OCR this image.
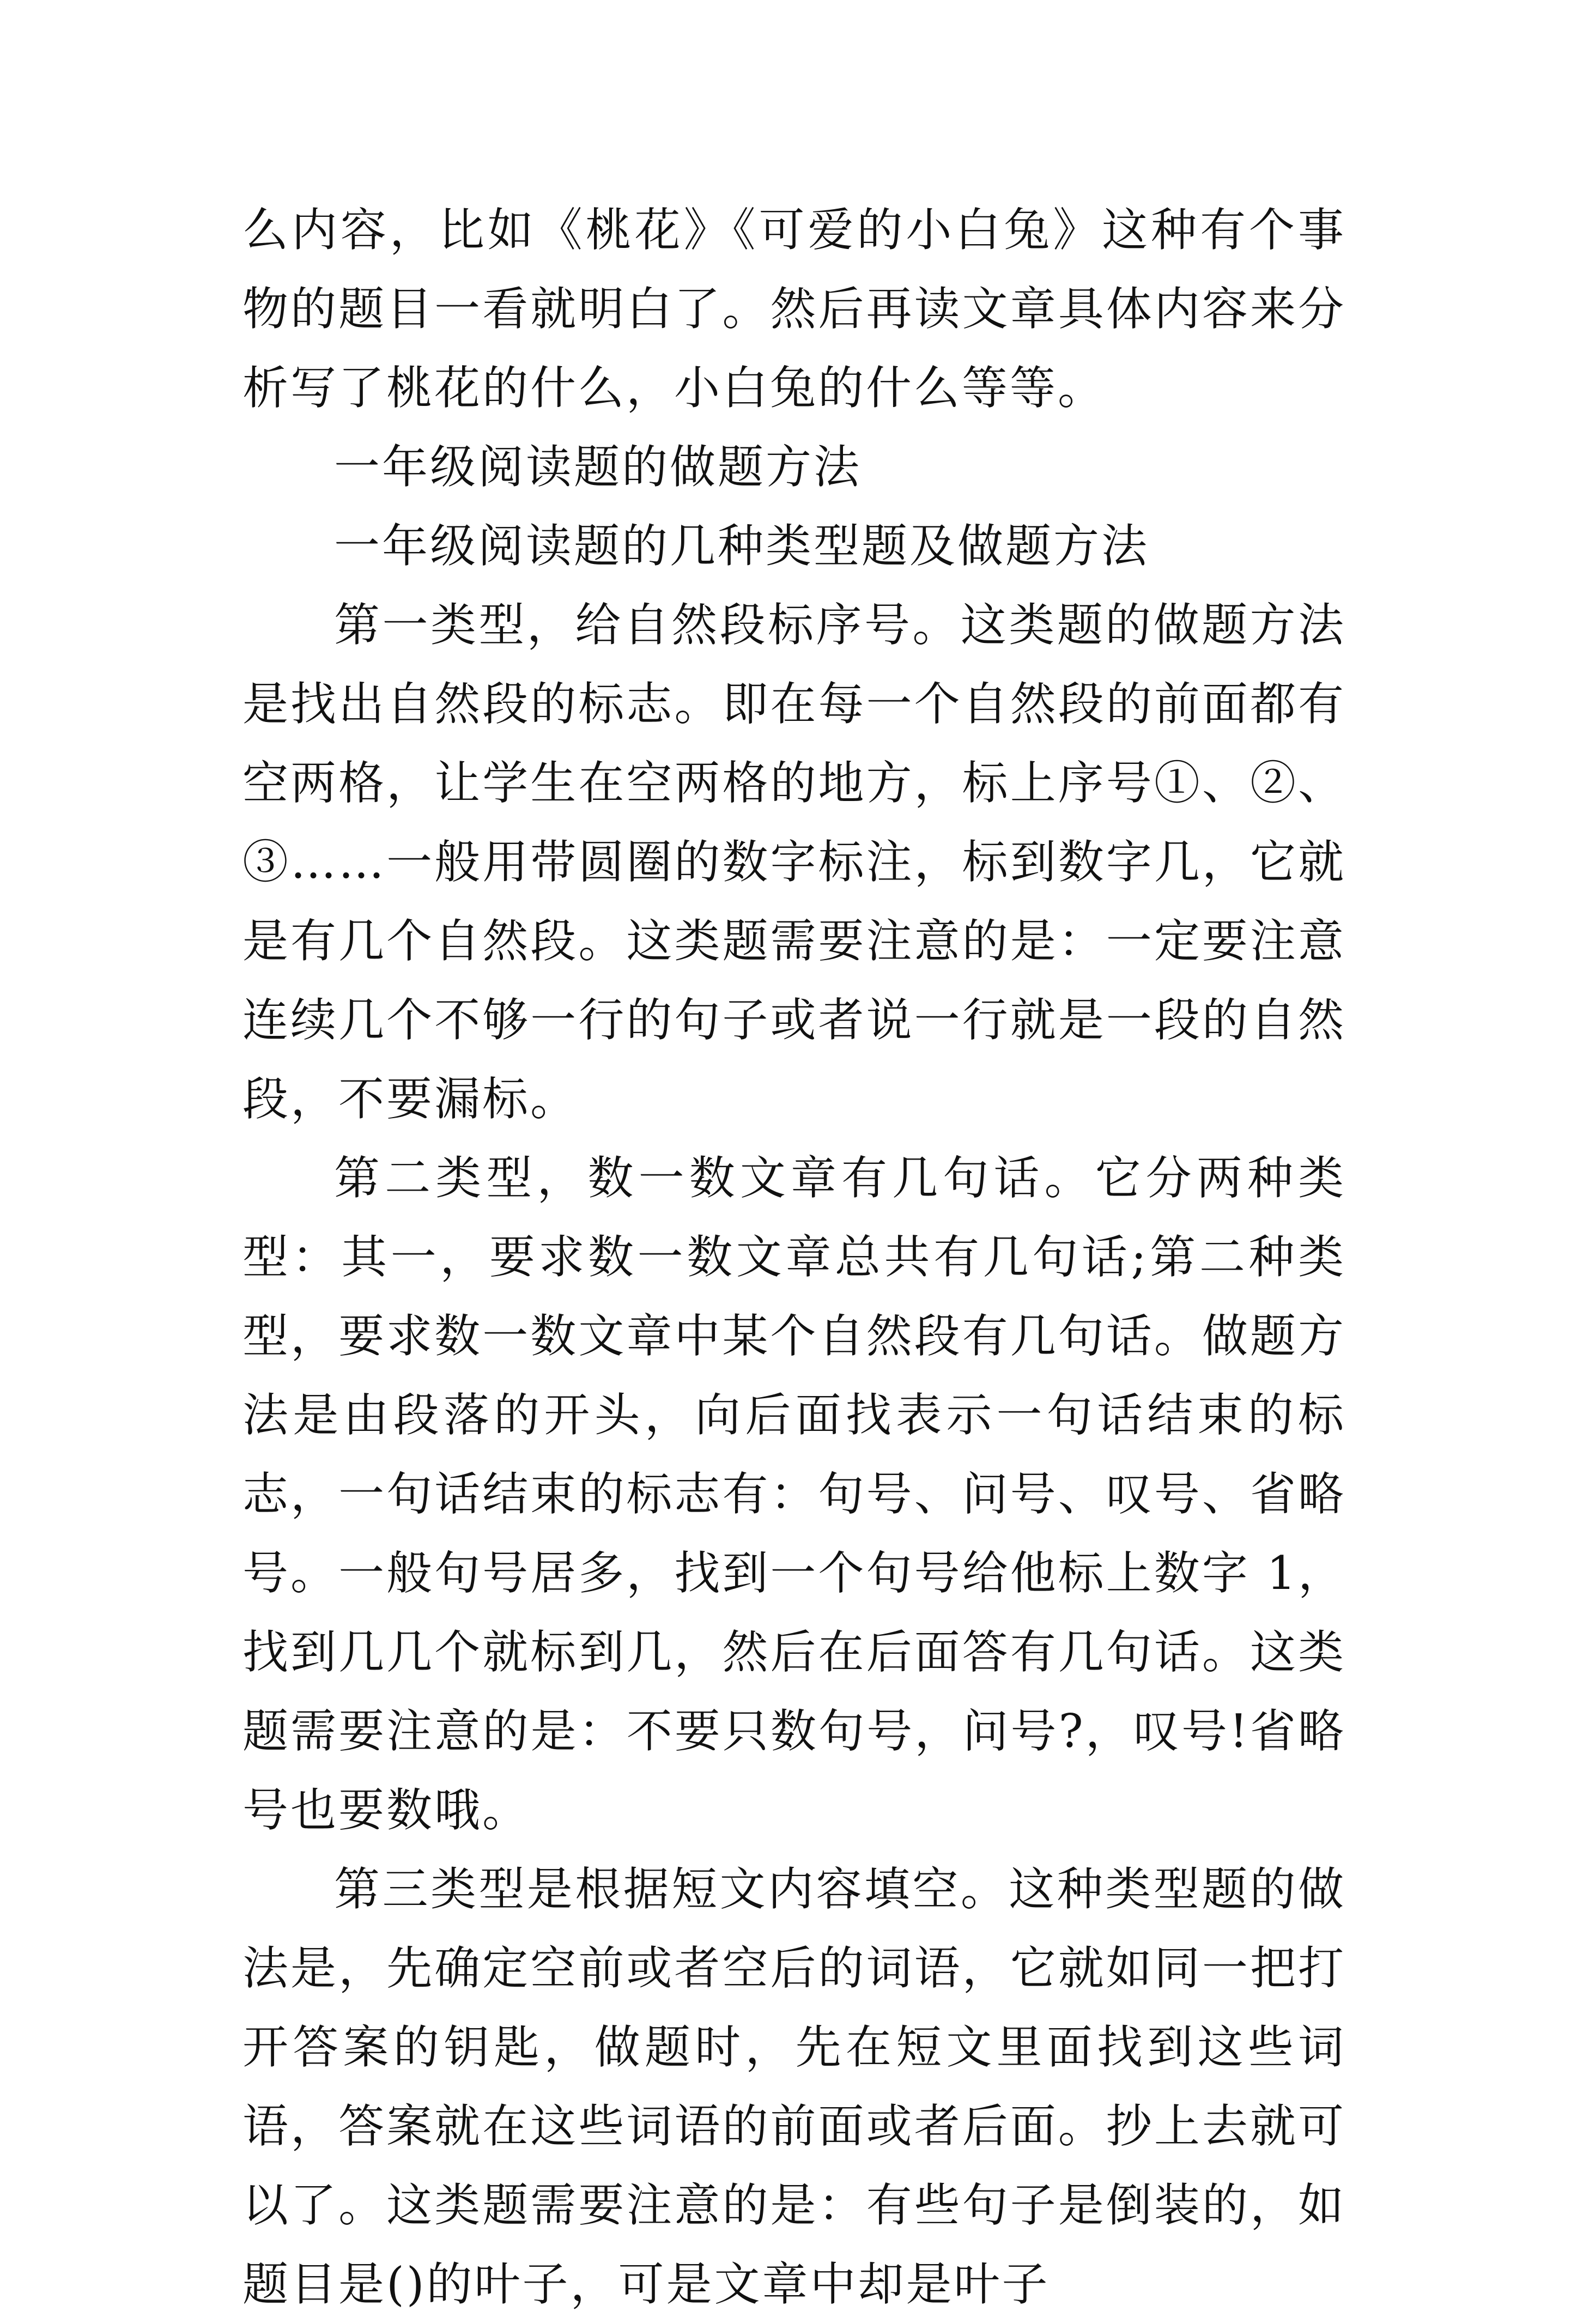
么内容，比如《桃花》《可爱的小白兔》这种有个事物的题目一看就明白了。然后再读文章具体内容来分析写了桃花的什么，小白兔的什么等等。

一年级阅读题的做题方法

一年级阅读题的几种类型题及做题方法

第一类型，给自然段标序号。这类题的做题方法是找出自然段的标志。即在每一个自然段的前面都有空两格，让学生在空两格的地方，标上序号①、②、③……一般用带圆圈的数字标注，标到数字几，它就是有几个自然段。这类题需要注意的是：一定要注意连续几个不够一行的句子或者说一行就是一段的自然段，不要漏标。

第二类型，数一数文章有几句话。它分两种类型：其一，要求数一数文章总共有几句话;第二种类型，要求数一数文章中某个自然段有几句话。做题方法是由段落的开头，向后面找表示一句话结束的标志，一句话结束的标志有：句号、问号、叹号、省略号。一般句号居多，找到一个句号给他标上数字 1，找到几几个就标到几，然后在后面答有几句话。这类题需要注意的是：不要只数句号，问号?，叹号!省略号也要数哦。

第三类型是根据短文内容填空。这种类型题的做法是，先确定空前或者空后的词语，它就如同一把打开答案的钥匙，做题时，先在短文里面找到这些词语，答案就在这些词语的前面或者后面。抄上去就可以了。这类题需要注意的是：有些句子是倒装的，如题目是()的叶子，可是文章中却是叶子
